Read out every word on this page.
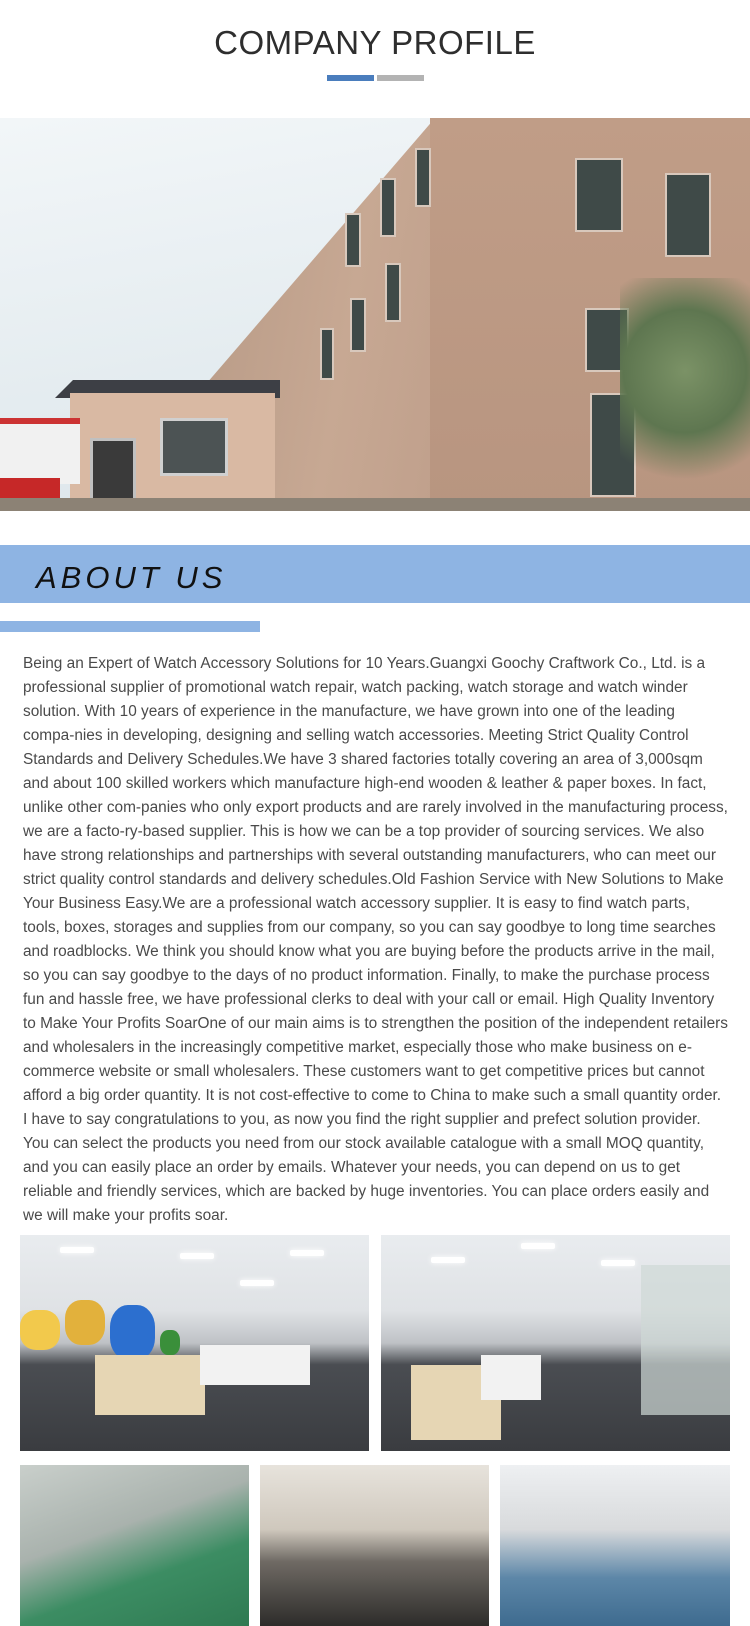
COMPANY PROFILE
ABOUT US

Being an Expert of Watch Accessory Solutions for 10 Years.Guangxi Goochy Craftwork Co., Ltd. is a professional supplier of promotional watch repair, watch packing, watch storage and watch winder solution. With 10 years of experience in the manufacture, we have grown into one of the leading compa-nies in developing, designing and selling watch accessories. Meeting Strict Quality Control Standards and Delivery Schedules.We have 3 shared factories totally covering an area of 3,000sqm and about 100 skilled workers which manufacture high-end wooden & leather & paper boxes. In fact, unlike other com-panies who only export products and are rarely involved in the manufacturing process, we are a facto-ry-based supplier. This is how we can be a top provider of sourcing services. We also have strong relationships and partnerships with several outstanding manufacturers, who can meet our strict quality control standards and delivery schedules.Old Fashion Service with New Solutions to Make Your Business Easy.We are a professional watch accessory supplier. It is easy to find watch parts, tools, boxes, storages and supplies from our company, so you can say goodbye to long time searches and roadblocks. We think you should know what you are buying before the products arrive in the mail, so you can say goodbye to the days of no product information. Finally, to make the purchase process fun and hassle free, we have professional clerks to deal with your call or email. High Quality Inventory to Make Your Profits SoarOne of our main aims is to strengthen the position of the independent retailers and wholesalers in the increasingly competitive market, especially those who make business on e-commerce website or small wholesalers. These customers want to get competitive prices but cannot afford a big order quantity. It is not cost-effective to come to China to make such a small quantity order. I have to say congratulations to you, as now you find the right supplier and prefect solution provider. You can select the products you need from our stock available catalogue with a small MOQ quantity, and you can easily place an order by emails. Whatever your needs, you can depend on us to get reliable and friendly services, which are backed by huge inventories. You can place orders easily and we will make your profits soar.
